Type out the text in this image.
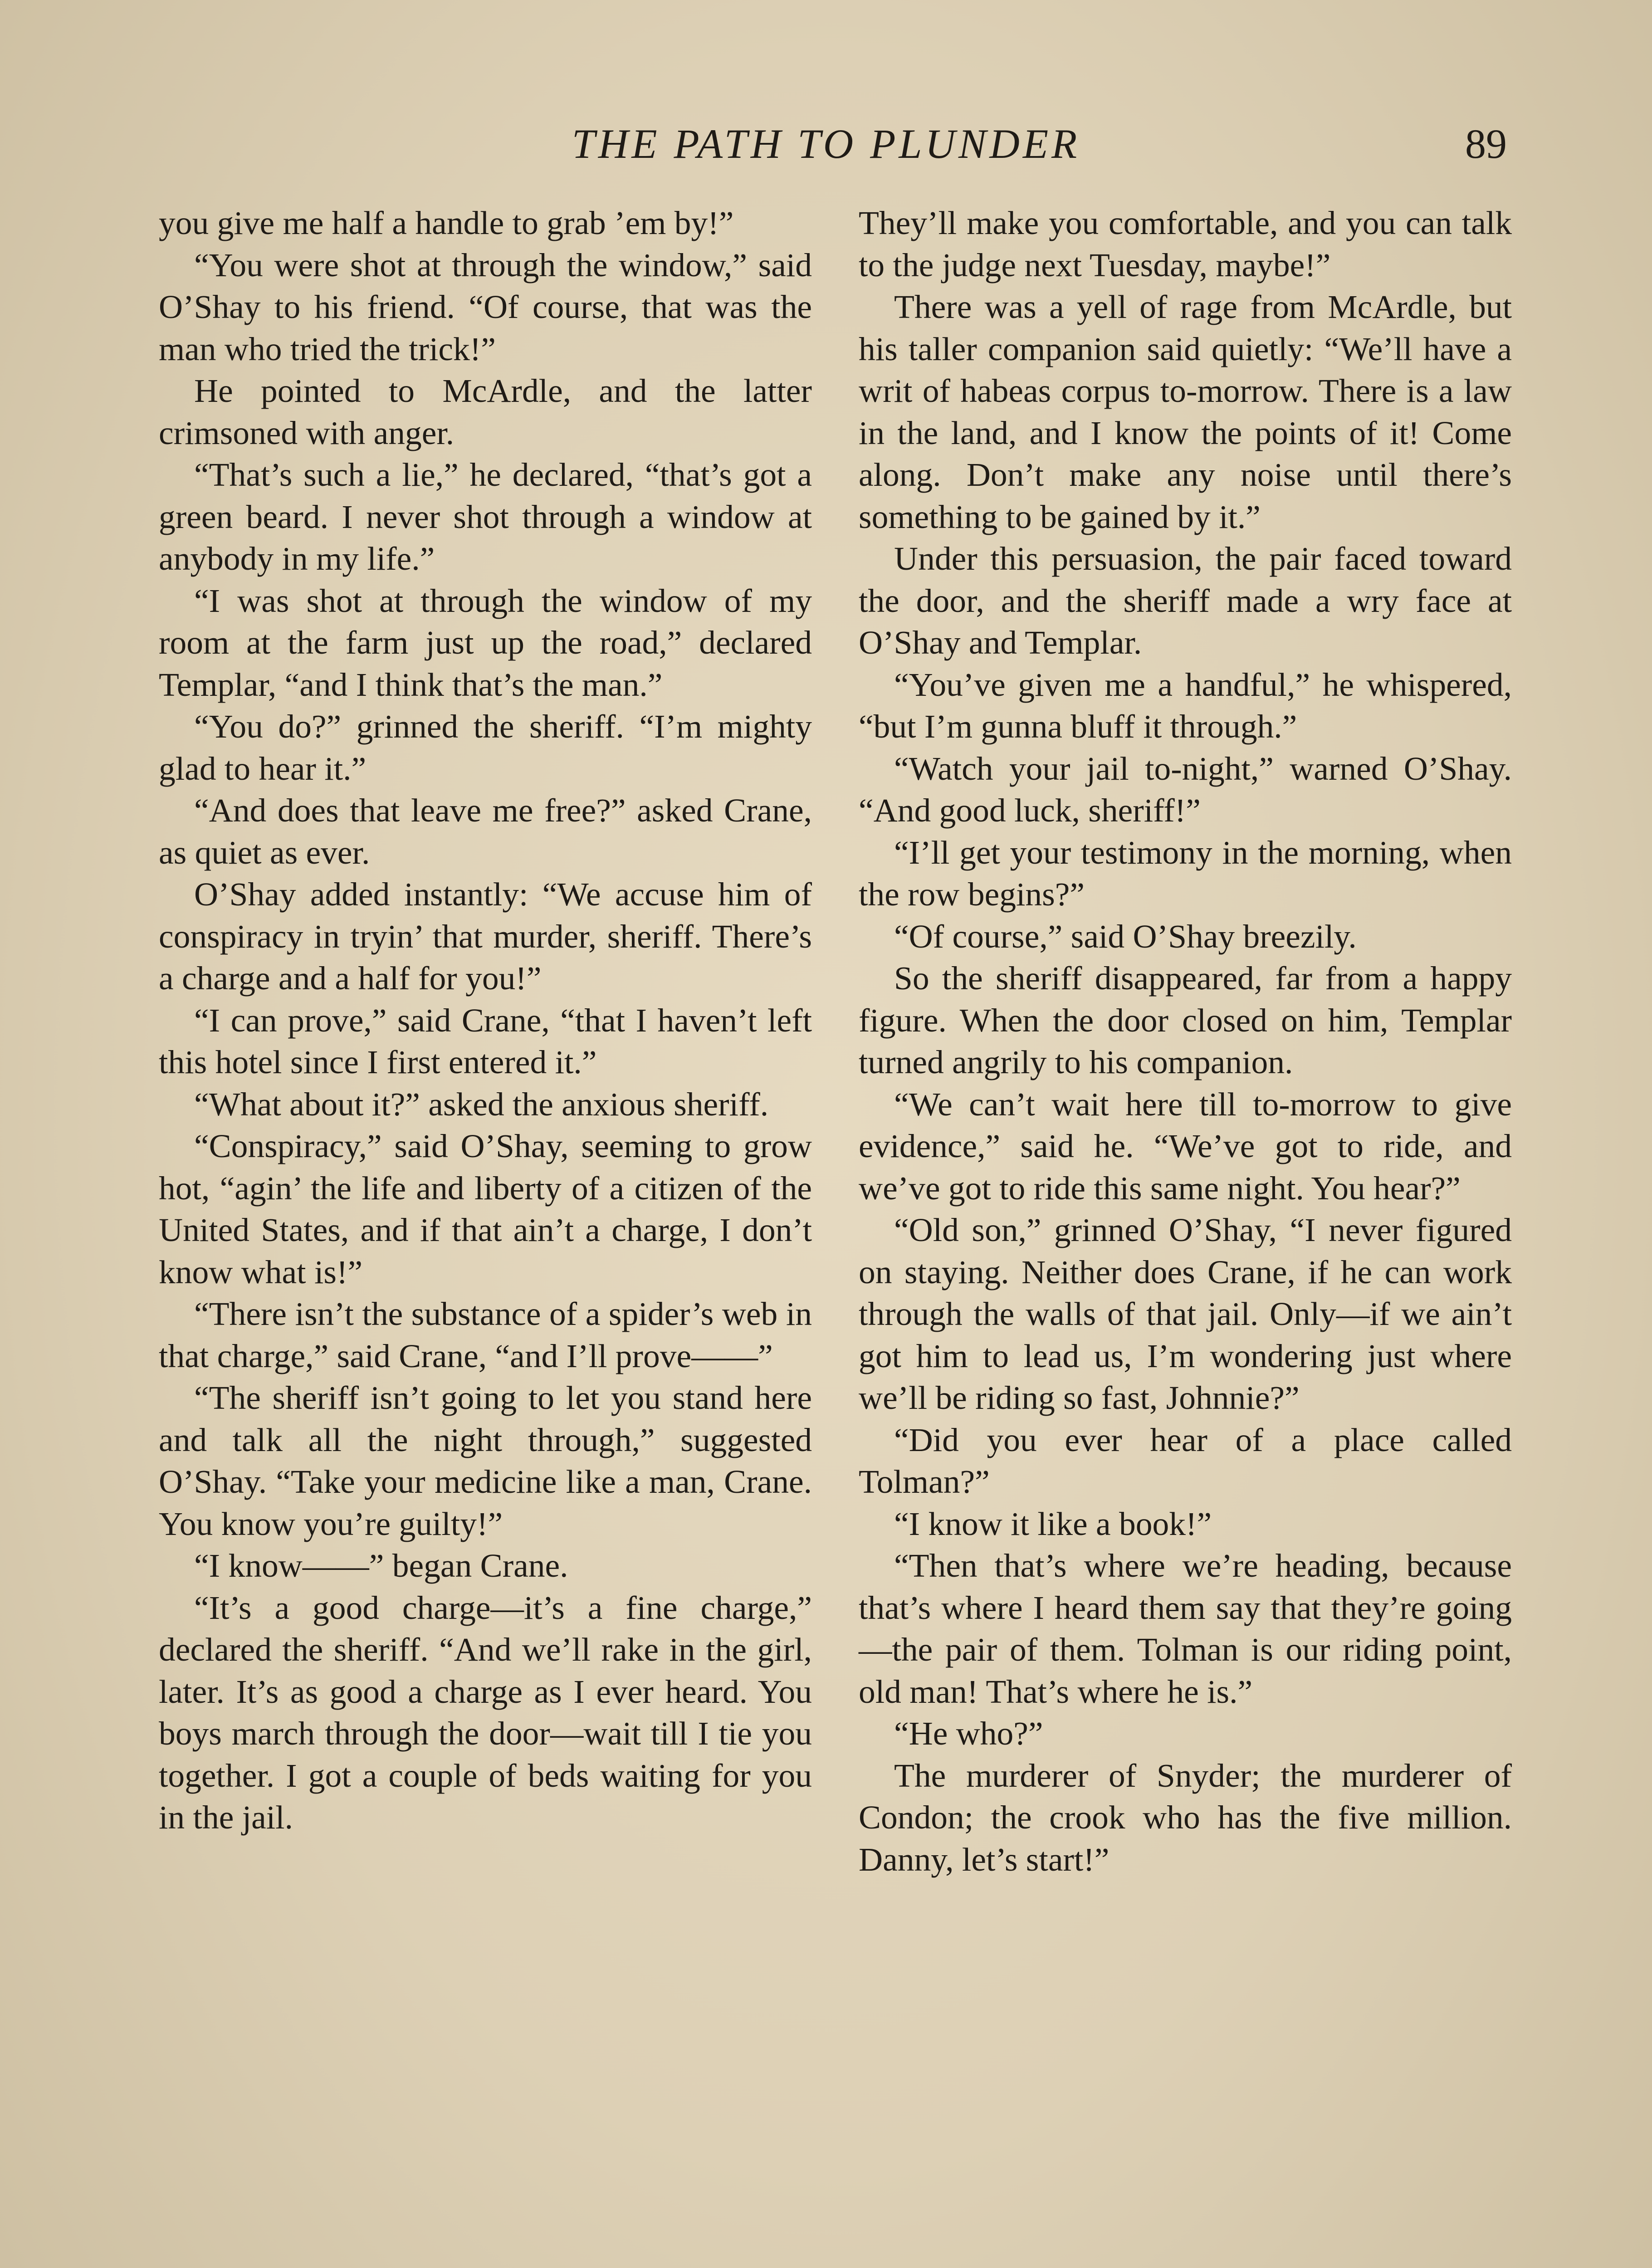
THE PATH TO PLUNDER	89

you give me half a handle to grab ’em by!”

“You were shot at through the window,” said O’Shay to his friend. “Of course, that was the man who tried the trick!”

He pointed to McArdle, and the latter crimsoned with anger.

“That’s such a lie,” he declared, “that’s got a green beard. I never shot through a window at anybody in my life.”

“I was shot at through the window of my room at the farm just up the road,” declared Templar, “and I think that’s the man.”

“You do?” grinned the sheriff. “I’m mighty glad to hear it.”

“And does that leave me free?” asked Crane, as quiet as ever.

O’Shay added instantly: “We accuse him of conspiracy in tryin’ that murder, sheriff. There’s a charge and a half for you!”

“I can prove,” said Crane, “that I haven’t left this hotel since I first entered it.”

“What about it?” asked the anxious sheriff.

“Conspiracy,” said O’Shay, seeming to grow hot, “agin’ the life and liberty of a citizen of the United States, and if that ain’t a charge, I don’t know what is!”

“There isn’t the substance of a spider’s web in that charge,” said Crane, “and I’ll prove——”

“The sheriff isn’t going to let you stand here and talk all the night through,” suggested O’Shay. “Take your medicine like a man, Crane. You know you’re guilty!”

“I know——” began Crane.

“It’s a good charge—it’s a fine charge,” declared the sheriff. “And we’ll rake in the girl, later. It’s as good a charge as I ever heard. You boys march through the door—wait till I tie you together. I got a couple of beds waiting for you in the jail.

They’ll make you comfortable, and you can talk to the judge next Tuesday, maybe!”

There was a yell of rage from McArdle, but his taller companion said quietly: “We’ll have a writ of habeas corpus to-morrow. There is a law in the land, and I know the points of it! Come along. Don’t make any noise until there’s something to be gained by it.”

Under this persuasion, the pair faced toward the door, and the sheriff made a wry face at O’Shay and Templar.

“You’ve given me a handful,” he whispered, “but I’m gunna bluff it through.”

“Watch your jail to-night,” warned O’Shay. “And good luck, sheriff!”

“I’ll get your testimony in the morning, when the row begins?”

“Of course,” said O’Shay breezily.

So the sheriff disappeared, far from a happy figure. When the door closed on him, Templar turned angrily to his companion.

“We can’t wait here till to-morrow to give evidence,” said he. “We’ve got to ride, and we’ve got to ride this same night. You hear?”

“Old son,” grinned O’Shay, “I never figured on staying. Neither does Crane, if he can work through the walls of that jail. Only—if we ain’t got him to lead us, I’m wondering just where we’ll be riding so fast, Johnnie?”

“Did you ever hear of a place called Tolman?”

“I know it like a book!”

“Then that’s where we’re heading, because that’s where I heard them say that they’re going—the pair of them. Tolman is our riding point, old man! That’s where he is.”

“He who?”

The murderer of Snyder; the murderer of Condon; the crook who has the five million. Danny, let’s start!”
